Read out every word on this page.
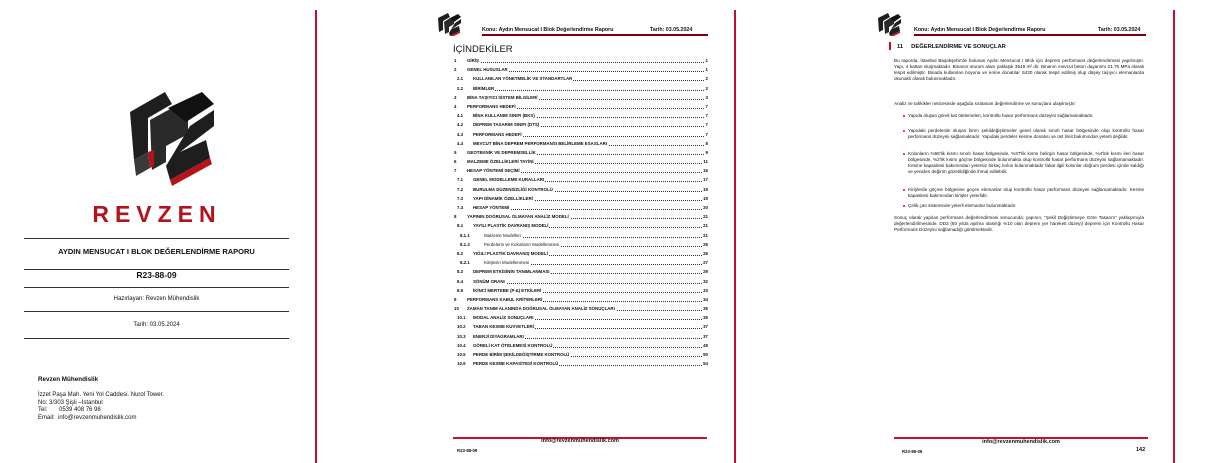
REVZEN
AYDIN MENSUCAT I BLOK DEĞERLENDİRME RAPORU
R23-88-09
Hazırlayan: Revzen Mühendislik
Tarih: 03.05.2024
Revzen Mühendislik

İzzet Paşa Mah. Yeni Yol Caddesi. Nurol Tower.
No: 3/303 Şişli –İstanbul
Tel:       0539 408 76 98
Email:  info@revzenmuhendislik.com
Konu: Aydın Mensucat I Blok Değerlendirme Raporu	Tarih: 03.05.2024
İÇİNDEKİLER
1 GİRİŞ	1
2 GENEL HUSUSLAR	1
2.1 KULLANILAN YÖNETMELİK VE STANDARTLAR	2
2.2 BİRİMLER	2
3 BİNA TAŞIYICI SİSTEM BİLGİLERİ	3
4 PERFORMANS HEDEFİ	7
4.1 BİNA KULLANIM SINIFI (BKS)	7
4.2 DEPREM TASARIM SINIFI (DTS)	7
4.3 PERFORMANS HEDEFİ	7
4.4 MEVCUT BİNA DEPREM PERFORMANSI BELİRLEME ESASLARI	8
5 GEOTEKNİK VE DEPREMSELLİK	9
6 MALZEME ÖZELLİKLERİ TAYİNİ	11
7 HESAP YÖNTEMİ SEÇİMİ	16
7.1 GENEL MODELLEME KURALLARI	17
7.2 BURULMA DÜZENSİZLİĞİ KONTROLÜ	19
7.3 YAPI DİNAMİK ÖZELLİKLERİ	19
7.4 HESAP YÖNTEMİ	20
8 YAPININ DOĞRUSAL OLMAYAN ANALİZ MODELİ	21
8.1 YAYILI PLASTİK DAVRANIŞ MODELİ	21
8.1.1	Malzeme Modelleri	21
8.1.2	Perdelerin ve Kolonların Modellenmesi	25
8.2 YIĞILI PLASTİK DAVRANIŞ MODELİ	26
8.2.1	Kirişlerin Modellenmesi	27
8.3 DEPREM ETKİSİNİN TANIMLANMASI	29
8.4 SÖNÜM ORANI	32
8.5 İKİNCİ MERTEBE (P-∆) ETKİLERİ	33
9 PERFORMANS KABUL KRİTERLERİ	34
10 ZAMAN TANIM ALANINDA DOĞRUSAL OLMAYAN ANALİZ SONUÇLARI	35
10.1 MODAL ANALİZ SONUÇLARI	35
10.2 TABAN KESME KUVVETLERİ	37
10.3 ENERJİ DİYAGRAMLARI	37
10.4 GÖRELİ KAT ÖTELEMESİ KONTROLÜ	49
10.5 PERDE BİRİM ŞEKİLDEĞİŞTİRME KONTROLÜ	50
10.6 PERDE KESME KAPASİTESİ KONTROLÜ	54
info@revzenmuhendislik.com
R23-88-09
Konu: Aydın Mensucat I Blok Değerlendirme Raporu	Tarih: 03.05.2024
11 DEĞERLENDİRME VE SONUÇLAR
Bu raporda, İstanbul Başakşehir'de bulunan Aydın Mensucat I Blok için deprem performans değerlendirmesi yapılmıştır. Yapı, 4 kattan oluşmaktadır. Binanın oturum alanı yaklaşık 3548 m² dir. Binanın mevcut beton dayanımı 21.75 MPa olarak tespit edilmiştir. Binada kullanılan boyuna ve enine donatılar S420 olarak tespit edilmiş olup düşey taşıyıcı elemanlarda okunaklı olarak bulunmaktadır.
Analiz ve tahkikler neticesinde aşağıda sıralanan değerlendirme ve sonuçlara ulaşılmıştır:
Yapıda oluşan göreli kat ötelemeleri, kontrollü hasar performans düzeyini sağlamamaktadır.
Yapıdaki perdelerde oluşan birim şekildeğiştirmeler genel olarak sınırlı hasar bölgesinde olup kontrollü hasar performans düzeyini sağlamaktadır. Yapıdaki perdeler kesme donatısı ve üst limit bakımından yeterli değildir.
Kolonların %58'lik kısmı sınırlı hasar bölgesinde, %37'lik kısmı belirgin hasar bölgesinde, %4'lük kısmı ileri hasar bölgesinde, %2'lik kısmı göçme bölgesinde bulunmakta olup kontrollü hasar performans düzeyini sağlamamaktadır. Kesme kapasitesi bakımından yetersiz birkaç kolon bulunmaktadır fakat ilgili kolonlar doğrum perdesi içinde kaldığı ve yeniden değirim gözetildiğinde ihmal edilebilir.
Kirişlerde göçme bölgesine geçen elemanlar olup kontrollü hasar performans düzeyini sağlamamaktadır. Kesme kapasitesi bakımından kirişler yeterlidir.
Çelik çatı sisteminde yeterli elemanlar bulunmaktadır.
Sonuç olarak yapılan performans değerlendirmesi sonucunda; yapının, "Şekil Değiştirmeye Göre Tasarım" yaklaşımıyla değerlendirilmesinde, DD2 (50 yılda aşılma olasılığı %10 olan deprem yer hareketi düzeyi) depremi için Kontrollü Hasar Performans Düzeyini sağlamadığı görülmektedir.
info@revzenmuhendislik.com
R23-88-09	142
